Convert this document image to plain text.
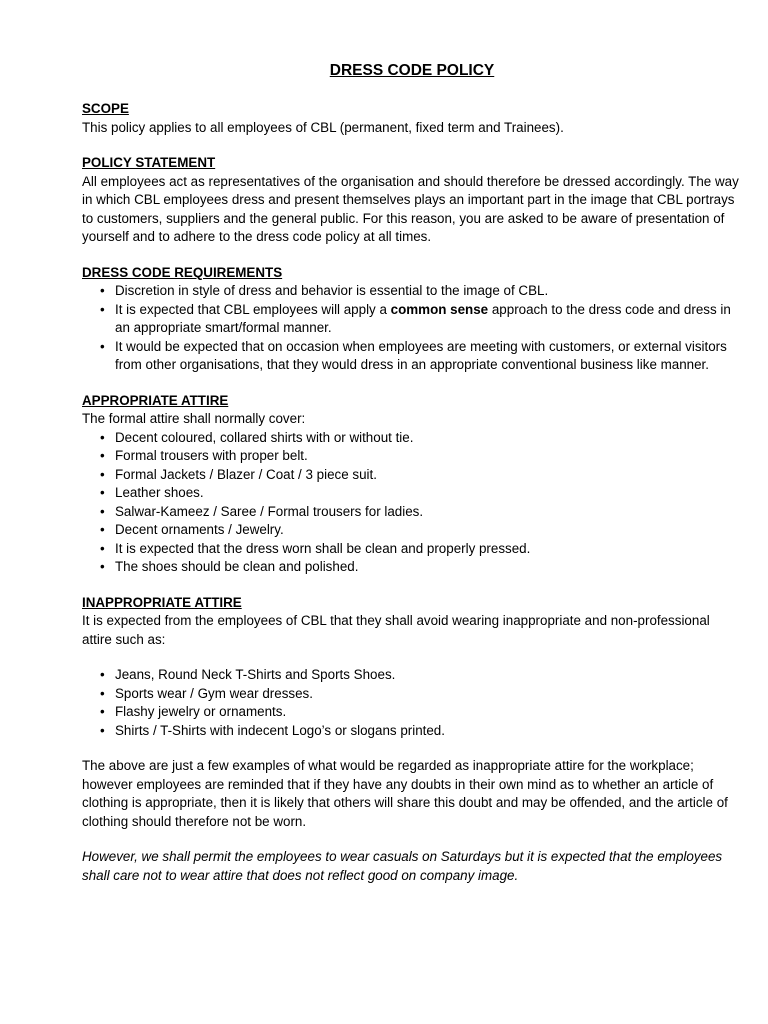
DRESS CODE POLICY
SCOPE

This policy applies to all employees of CBL (permanent, fixed term and Trainees).

POLICY STATEMENT

All employees act as representatives of the organisation and should therefore be dressed accordingly. The way in which CBL employees dress and present themselves plays an important part in the image that CBL portrays to customers, suppliers and the general public. For this reason, you are asked to be aware of presentation of yourself and to adhere to the dress code policy at all times.

DRESS CODE REQUIREMENTS
• Discretion in style of dress and behavior is essential to the image of CBL.
• It is expected that CBL employees will apply a common sense approach to the dress code and dress in an appropriate smart/formal manner.
• It would be expected that on occasion when employees are meeting with customers, or external visitors from other organisations, that they would dress in an appropriate conventional business like manner.
APPROPRIATE ATTIRE

The formal attire shall normally cover:

• Decent coloured, collared shirts with or without tie.
• Formal trousers with proper belt.
• Formal Jackets / Blazer / Coat / 3 piece suit.
• Leather shoes.
• Salwar-Kameez / Saree / Formal trousers for ladies.
• Decent ornaments / Jewelry.
• It is expected that the dress worn shall be clean and properly pressed.
• The shoes should be clean and polished.
INAPPROPRIATE ATTIRE

It is expected from the employees of CBL that they shall avoid wearing inappropriate and non-professional attire such as:

• Jeans, Round Neck T-Shirts and Sports Shoes.
• Sports wear / Gym wear dresses.
• Flashy jewelry or ornaments.
• Shirts / T-Shirts with indecent Logo’s or slogans printed.

The above are just a few examples of what would be regarded as inappropriate attire for the workplace; however employees are reminded that if they have any doubts in their own mind as to whether an article of clothing is appropriate, then it is likely that others will share this doubt and may be offended, and the article of clothing should therefore not be worn.

However, we shall permit the employees to wear casuals on Saturdays but it is expected that the employees shall care not to wear attire that does not reflect good on company image.
